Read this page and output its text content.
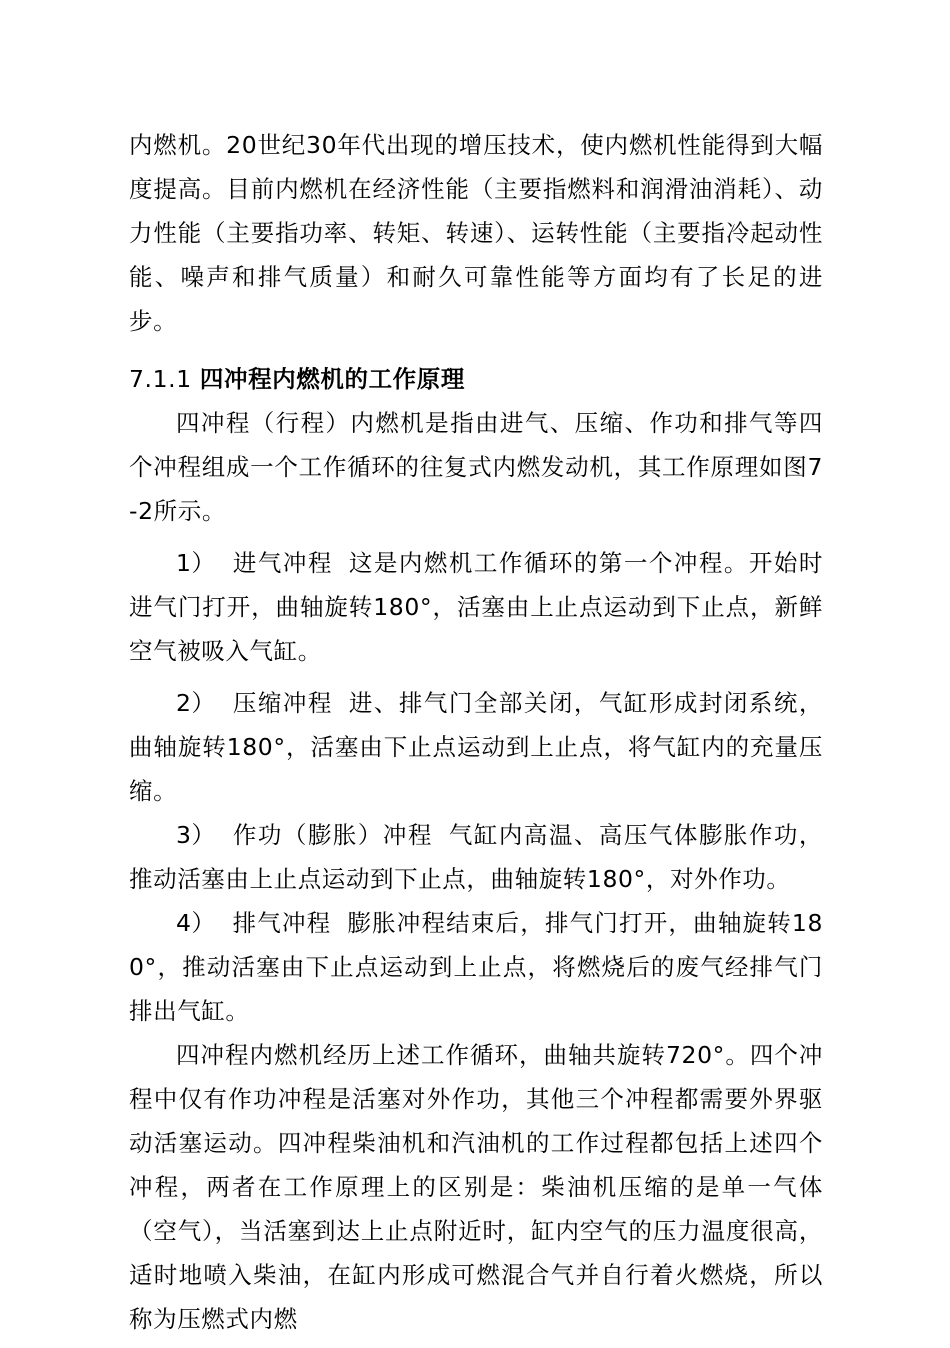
内燃机。20世纪30年代出现的增压技术，使内燃机性能得到大幅度提高。目前内燃机在经济性能（主要指燃料和润滑油消耗）、动力性能（主要指功率、转矩、转速）、运转性能（主要指冷起动性能、噪声和排气质量）和耐久可靠性能等方面均有了长足的进步。

7.1.1 四冲程内燃机的工作原理

四冲程（行程）内燃机是指由进气、压缩、作功和排气等四个冲程组成一个工作循环的往复式内燃发动机，其工作原理如图7-2所示。

1） 进气冲程 这是内燃机工作循环的第一个冲程。开始时进气门打开，曲轴旋转180°，活塞由上止点运动到下止点，新鲜空气被吸入气缸。

2） 压缩冲程 进、排气门全部关闭，气缸形成封闭系统，曲轴旋转180°，活塞由下止点运动到上止点，将气缸内的充量压缩。

3） 作功（膨胀）冲程 气缸内高温、高压气体膨胀作功，推动活塞由上止点运动到下止点，曲轴旋转180°，对外作功。

4） 排气冲程 膨胀冲程结束后，排气门打开，曲轴旋转180°，推动活塞由下止点运动到上止点，将燃烧后的废气经排气门排出气缸。

四冲程内燃机经历上述工作循环，曲轴共旋转720°。四个冲程中仅有作功冲程是活塞对外作功，其他三个冲程都需要外界驱动活塞运动。四冲程柴油机和汽油机的工作过程都包括上述四个冲程，两者在工作原理上的区别是：柴油机压缩的是单一气体（空气），当活塞到达上止点附近时，缸内空气的压力温度很高，适时地喷入柴油，在缸内形成可燃混合气并自行着火燃烧，所以称为压燃式内燃
